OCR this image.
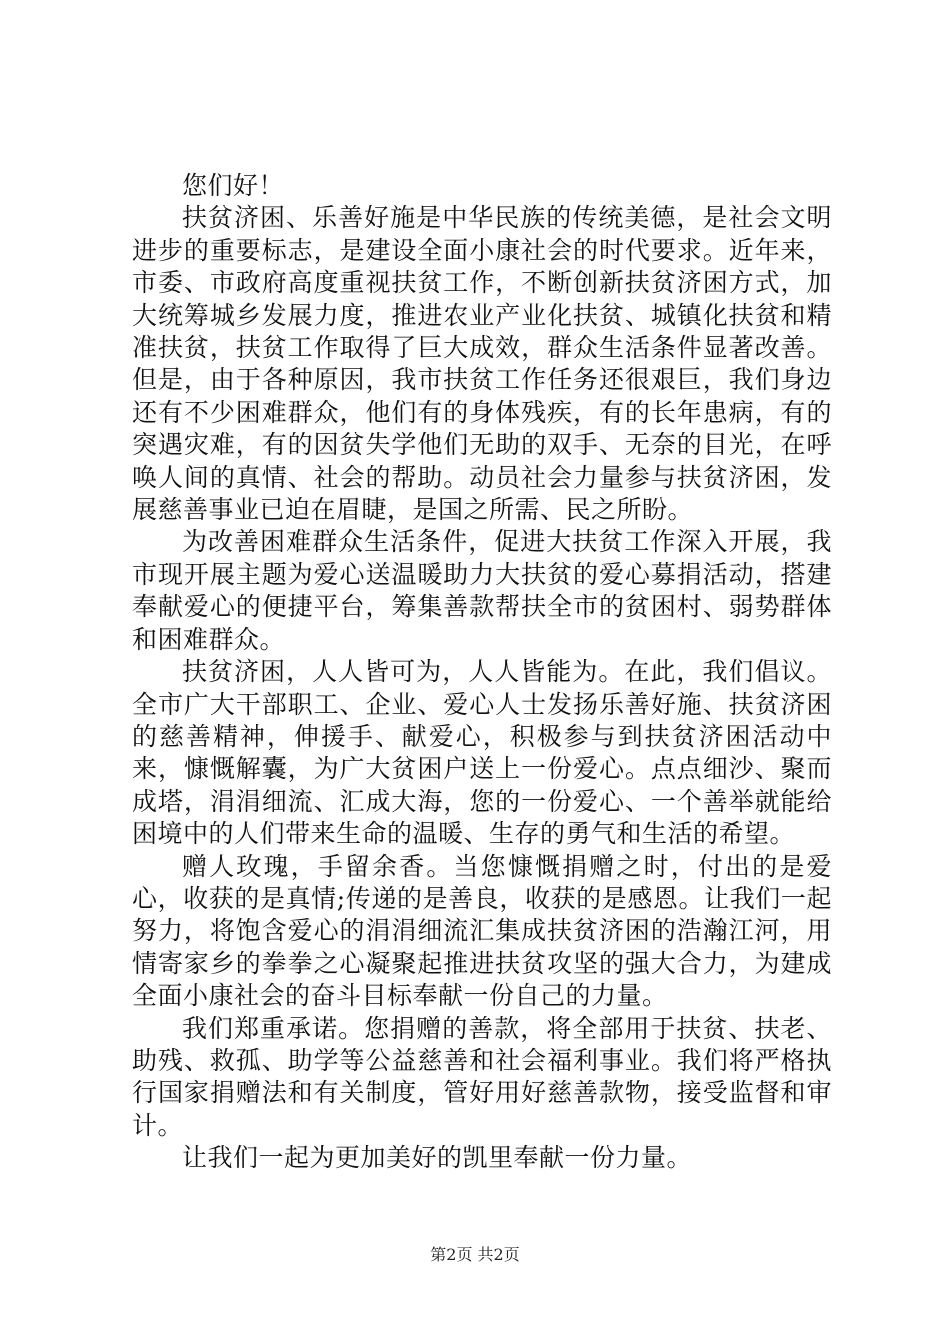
您们好！

扶贫济困、乐善好施是中华民族的传统美德，是社会文明进步的重要标志，是建设全面小康社会的时代要求。近年来，市委、市政府高度重视扶贫工作，不断创新扶贫济困方式，加大统筹城乡发展力度，推进农业产业化扶贫、城镇化扶贫和精准扶贫，扶贫工作取得了巨大成效，群众生活条件显著改善。但是，由于各种原因，我市扶贫工作任务还很艰巨，我们身边还有不少困难群众，他们有的身体残疾，有的长年患病，有的突遇灾难，有的因贫失学他们无助的双手、无奈的目光，在呼唤人间的真情、社会的帮助。动员社会力量参与扶贫济困，发展慈善事业已迫在眉睫，是国之所需、民之所盼。

为改善困难群众生活条件，促进大扶贫工作深入开展，我市现开展主题为爱心送温暖助力大扶贫的爱心募捐活动，搭建奉献爱心的便捷平台，筹集善款帮扶全市的贫困村、弱势群体和困难群众。

扶贫济困，人人皆可为，人人皆能为。在此，我们倡议。全市广大干部职工、企业、爱心人士发扬乐善好施、扶贫济困的慈善精神，伸援手、献爱心，积极参与到扶贫济困活动中来，慷慨解囊，为广大贫困户送上一份爱心。点点细沙、聚而成塔，涓涓细流、汇成大海，您的一份爱心、一个善举就能给困境中的人们带来生命的温暖、生存的勇气和生活的希望。

赠人玫瑰，手留余香。当您慷慨捐赠之时，付出的是爱心，收获的是真情;传递的是善良，收获的是感恩。让我们一起努力，将饱含爱心的涓涓细流汇集成扶贫济困的浩瀚江河，用情寄家乡的拳拳之心凝聚起推进扶贫攻坚的强大合力，为建成全面小康社会的奋斗目标奉献一份自己的力量。

我们郑重承诺。您捐赠的善款，将全部用于扶贫、扶老、助残、救孤、助学等公益慈善和社会福利事业。我们将严格执行国家捐赠法和有关制度，管好用好慈善款物，接受监督和审计。

让我们一起为更加美好的凯里奉献一份力量。

第2页 共2页
